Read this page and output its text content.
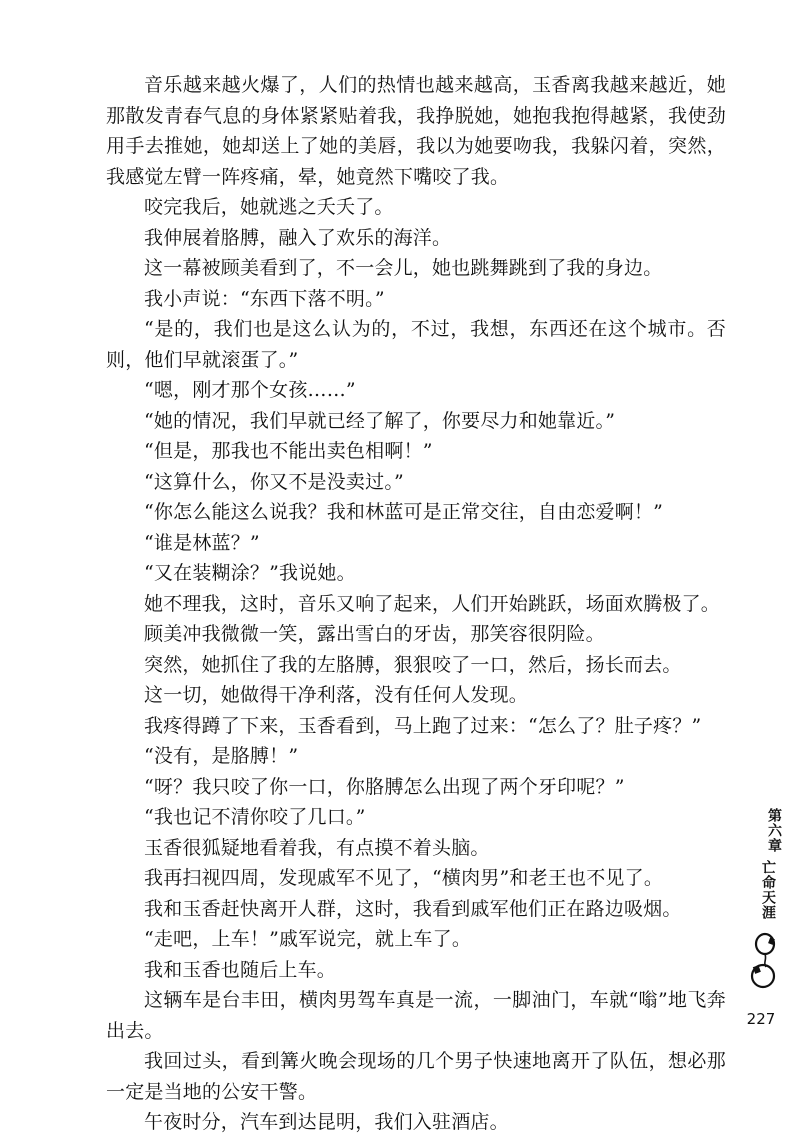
音乐越来越火爆了，人们的热情也越来越高，玉香离我越来越近，她那散发青春气息的身体紧紧贴着我，我挣脱她，她抱我抱得越紧，我使劲用手去推她，她却送上了她的美唇，我以为她要吻我，我躲闪着，突然，我感觉左臂一阵疼痛，晕，她竟然下嘴咬了我。

咬完我后，她就逃之夭夭了。

我伸展着胳膊，融入了欢乐的海洋。

这一幕被顾美看到了，不一会儿，她也跳舞跳到了我的身边。

我小声说：“东西下落不明。”

“是的，我们也是这么认为的，不过，我想，东西还在这个城市。否则，他们早就滚蛋了。”

“嗯，刚才那个女孩……”

“她的情况，我们早就已经了解了，你要尽力和她靠近。”

“但是，那我也不能出卖色相啊！”

“这算什么，你又不是没卖过。”

“你怎么能这么说我？我和林蓝可是正常交往，自由恋爱啊！”

“谁是林蓝？”

“又在装糊涂？”我说她。

她不理我，这时，音乐又响了起来，人们开始跳跃，场面欢腾极了。

顾美冲我微微一笑，露出雪白的牙齿，那笑容很阴险。

突然，她抓住了我的左胳膊，狠狠咬了一口，然后，扬长而去。

这一切，她做得干净利落，没有任何人发现。

我疼得蹲了下来，玉香看到，马上跑了过来：“怎么了？肚子疼？”

“没有，是胳膊！”

“呀？我只咬了你一口，你胳膊怎么出现了两个牙印呢？”

“我也记不清你咬了几口。”

玉香很狐疑地看着我，有点摸不着头脑。

我再扫视四周，发现戚军不见了，“横肉男”和老王也不见了。

我和玉香赶快离开人群，这时，我看到戚军他们正在路边吸烟。

“走吧，上车！”戚军说完，就上车了。

我和玉香也随后上车。

这辆车是台丰田，横肉男驾车真是一流，一脚油门，车就“嗡”地飞奔出去。

我回过头，看到篝火晚会现场的几个男子快速地离开了队伍，想必那一定是当地的公安干警。

午夜时分，汽车到达昆明，我们入驻酒店。

第六章
亡命天涯
227
